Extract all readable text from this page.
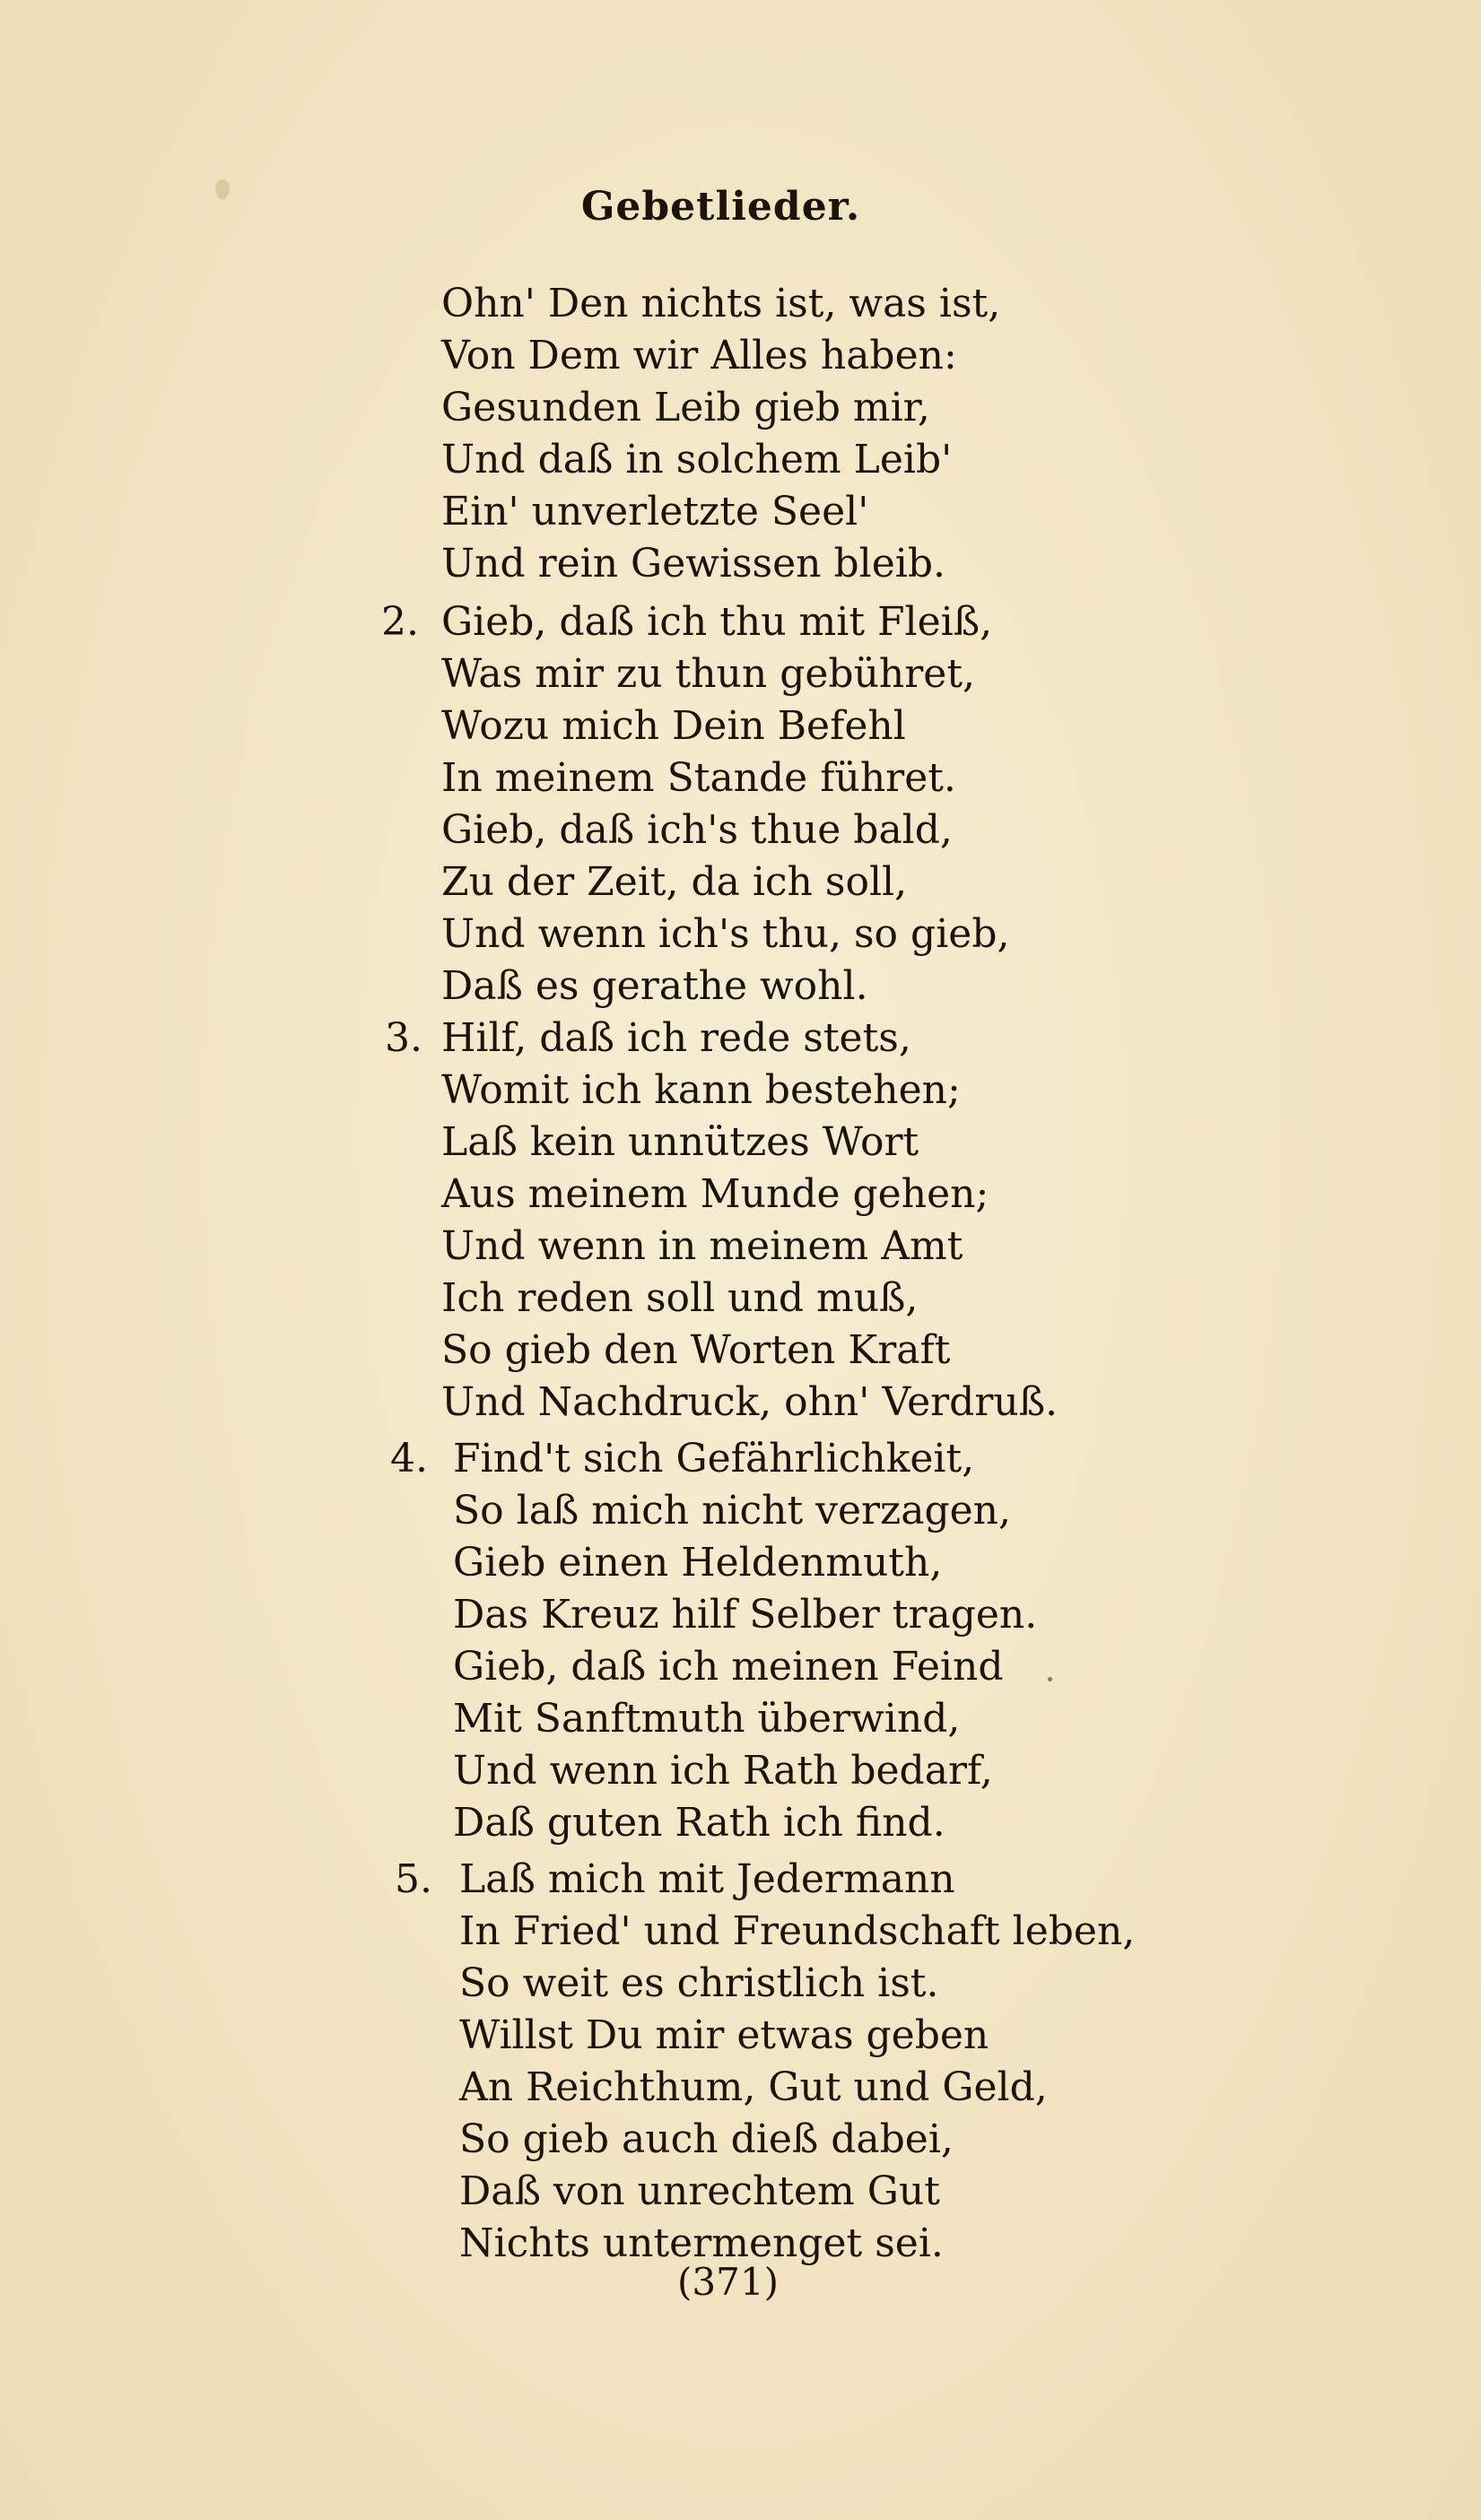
Gebetlieder.
Ohn' Den nichts ist, was ist,
Von Dem wir Alles haben:
Gesunden Leib gieb mir,
Und daß in solchem Leib'
Ein' unverletzte Seel'
Und rein Gewissen bleib.
2. Gieb, daß ich thu mit Fleiß,
Was mir zu thun gebühret,
Wozu mich Dein Befehl
In meinem Stande führet.
Gieb, daß ich's thue bald,
Zu der Zeit, da ich soll,
Und wenn ich's thu, so gieb,
Daß es gerathe wohl.
3. Hilf, daß ich rede stets,
Womit ich kann bestehen;
Laß kein unnützes Wort
Aus meinem Munde gehen;
Und wenn in meinem Amt
Ich reden soll und muß,
So gieb den Worten Kraft
Und Nachdruck, ohn' Verdruß.
4. Find't sich Gefährlichkeit,
So laß mich nicht verzagen,
Gieb einen Heldenmuth,
Das Kreuz hilf Selber tragen.
Gieb, daß ich meinen Feind
Mit Sanftmuth überwind,
Und wenn ich Rath bedarf,
Daß guten Rath ich find.
5. Laß mich mit Jedermann
In Fried' und Freundschaft leben,
So weit es christlich ist.
Willst Du mir etwas geben
An Reichthum, Gut und Geld,
So gieb auch dieß dabei,
Daß von unrechtem Gut
Nichts untermenget sei.
(371)
